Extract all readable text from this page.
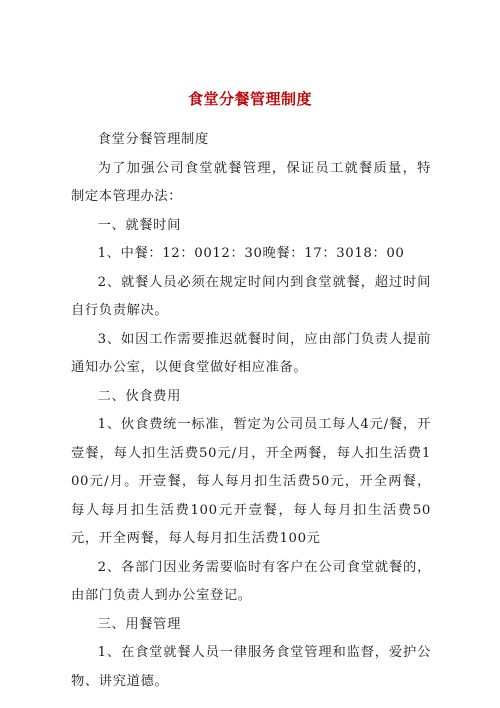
食堂分餐管理制度

食堂分餐管理制度

为了加强公司食堂就餐管理，保证员工就餐质量，特制定本管理办法：

一、就餐时间

1、中餐：12：0012：30晚餐：17：3018：00

2、就餐人员必须在规定时间内到食堂就餐，超过时间自行负责解决。

3、如因工作需要推迟就餐时间，应由部门负责人提前通知办公室，以便食堂做好相应准备。

二、伙食费用

1、伙食费统一标准，暂定为公司员工每人4元/餐，开壹餐，每人扣生活费50元/月，开全两餐，每人扣生活费100元/月。开壹餐，每人每月扣生活费50元，开全两餐，每人每月扣生活费100元开壹餐，每人每月扣生活费50元，开全两餐，每人每月扣生活费100元

2、各部门因业务需要临时有客户在公司食堂就餐的，由部门负责人到办公室登记。

三、用餐管理

1、在食堂就餐人员一律服务食堂管理和监督，爱护公物、讲究道德。
